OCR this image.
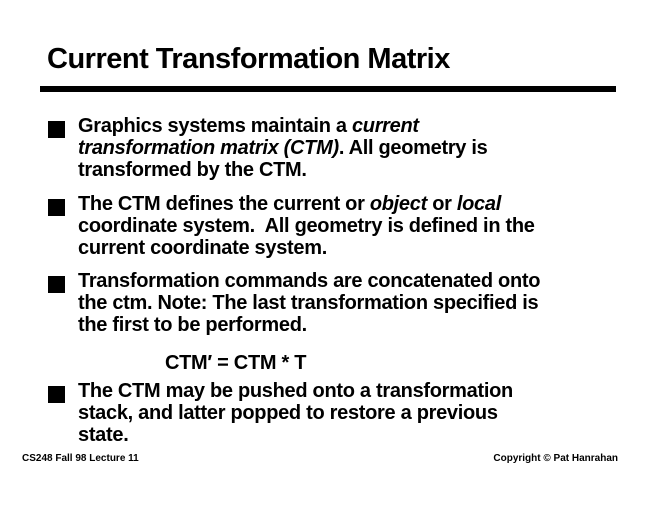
Current Transformation Matrix
Graphics systems maintain a current
transformation matrix (CTM). All geometry is
transformed by the CTM.
The CTM defines the current or object or local
coordinate system.  All geometry is defined in the
current coordinate system.
Transformation commands are concatenated onto
the ctm. Note: The last transformation specified is
the first to be performed.
CTM′ = CTM * T
The CTM may be pushed onto a transformation
stack, and latter popped to restore a previous
state.
CS248 Fall 98 Lecture 11	Copyright © Pat Hanrahan
